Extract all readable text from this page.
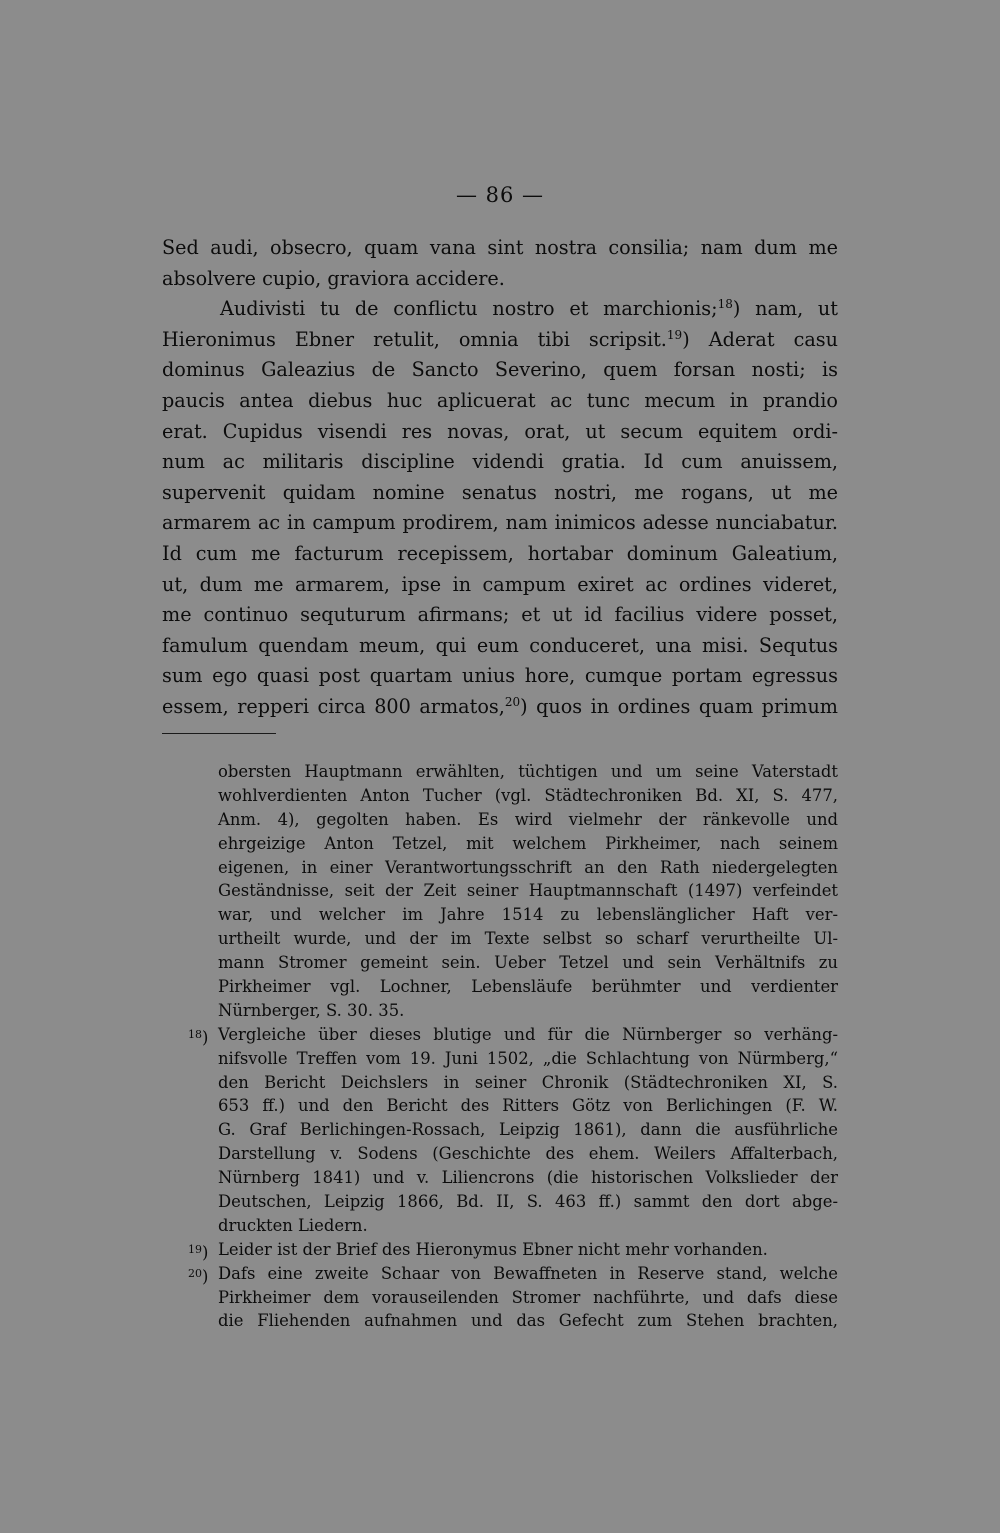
— 86 —
Sed audi, obsecro, quam vana sint nostra consilia; nam dum me
absolvere cupio, graviora accidere.
Audivisti tu de conflictu nostro et marchionis;$^{18}$) nam, ut
Hieronimus Ebner retulit, omnia tibi scripsit.$^{19}$) Aderat casu
dominus Galeazius de Sancto Severino, quem forsan nosti; is
paucis antea diebus huc aplicuerat ac tunc mecum in prandio
erat. Cupidus visendi res novas, orat, ut secum equitem ordi-
num ac militaris discipline videndi gratia. Id cum anuissem,
supervenit quidam nomine senatus nostri, me rogans, ut me
armarem ac in campum prodirem, nam inimicos adesse nunciabatur.
Id cum me facturum recepissem, hortabar dominum Galeatium,
ut, dum me armarem, ipse in campum exiret ac ordines videret,
me continuo sequturum afirmans; et ut id facilius videre posset,
famulum quendam meum, qui eum conduceret, una misi. Sequtus
sum ego quasi post quartam unius hore, cumque portam egressus
essem, repperi circa 800 armatos,$^{20}$) quos in ordines quam primum
obersten Hauptmann erwählten, tüchtigen und um seine Vaterstadt
wohlverdienten Anton Tucher (vgl. Städtechroniken Bd. XI, S. 477,
Anm. 4), gegolten haben. Es wird vielmehr der ränkevolle und
ehrgeizige Anton Tetzel, mit welchem Pirkheimer, nach seinem
eigenen, in einer Verantwortungsschrift an den Rath niedergelegten
Geständnisse, seit der Zeit seiner Hauptmannschaft (1497) verfeindet
war, und welcher im Jahre 1514 zu lebenslänglicher Haft ver-
urtheilt wurde, und der im Texte selbst so scharf verurtheilte Ul-
mann Stromer gemeint sein. Ueber Tetzel und sein Verhältnifs zu
Pirkheimer vgl. Lochner, Lebensläufe berühmter und verdienter
Nürnberger, S. 30. 35.
$^{18}$) Vergleiche über dieses blutige und für die Nürnberger so verhäng-
nifsvolle Treffen vom 19. Juni 1502, „die Schlachtung von Nürmberg,“
den Bericht Deichslers in seiner Chronik (Städtechroniken XI, S.
653 ff.) und den Bericht des Ritters Götz von Berlichingen (F. W.
G. Graf Berlichingen-Rossach, Leipzig 1861), dann die ausführliche
Darstellung v. Sodens (Geschichte des ehem. Weilers Affalterbach,
Nürnberg 1841) und v. Liliencrons (die historischen Volkslieder der
Deutschen, Leipzig 1866, Bd. II, S. 463 ff.) sammt den dort abge-
druckten Liedern.
$^{19}$) Leider ist der Brief des Hieronymus Ebner nicht mehr vorhanden.
$^{20}$) Dafs eine zweite Schaar von Bewaffneten in Reserve stand, welche
Pirkheimer dem vorauseilenden Stromer nachführte, und dafs diese
die Fliehenden aufnahmen und das Gefecht zum Stehen brachten,
